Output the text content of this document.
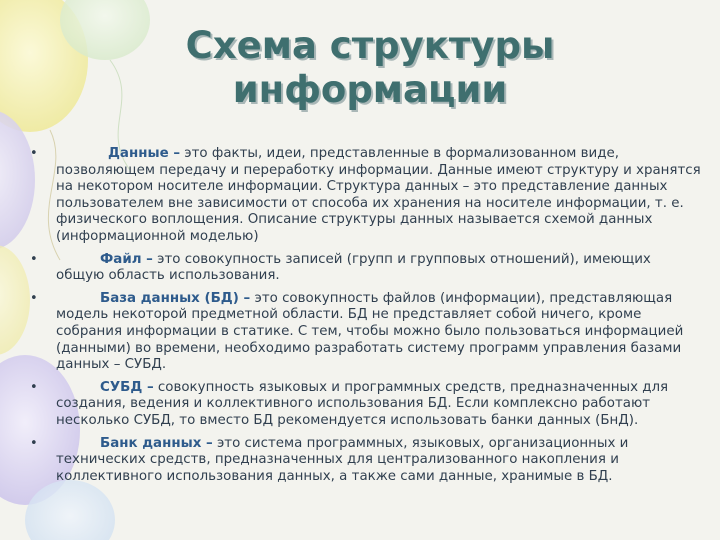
Схема структуры информации
•	Данные – это факты, идеи, представленные в формализованном виде, позволяющем передачу и переработку информации. Данные имеют структуру и хранятся на некотором носителе информации. Структура данных – это представление данных пользователем вне зависимости от способа их хранения на носителе информации, т. е. физического воплощения. Описание структуры данных называется схемой данных (информационной моделью)
•	Файл – это совокупность записей (групп и групповых отношений), имеющих общую область использования.
•	База данных (БД) – это совокупность файлов (информации), представляющая модель некоторой предметной области. БД не представляет собой ничего, кроме собрания информации в статике. С тем, чтобы можно было пользоваться информацией (данными) во времени, необходимо разработать систему программ управления базами данных – СУБД.
•	СУБД – совокупность языковых и программных средств, предназначенных для создания, ведения и коллективного использования БД. Если комплексно работают несколько СУБД, то вместо БД рекомендуется использовать банки данных (БнД).
•	Банк данных – это система программных, языковых, организационных и технических средств, предназначенных для централизованного накопления и коллективного использования данных, а также сами данные, хранимые в БД.
